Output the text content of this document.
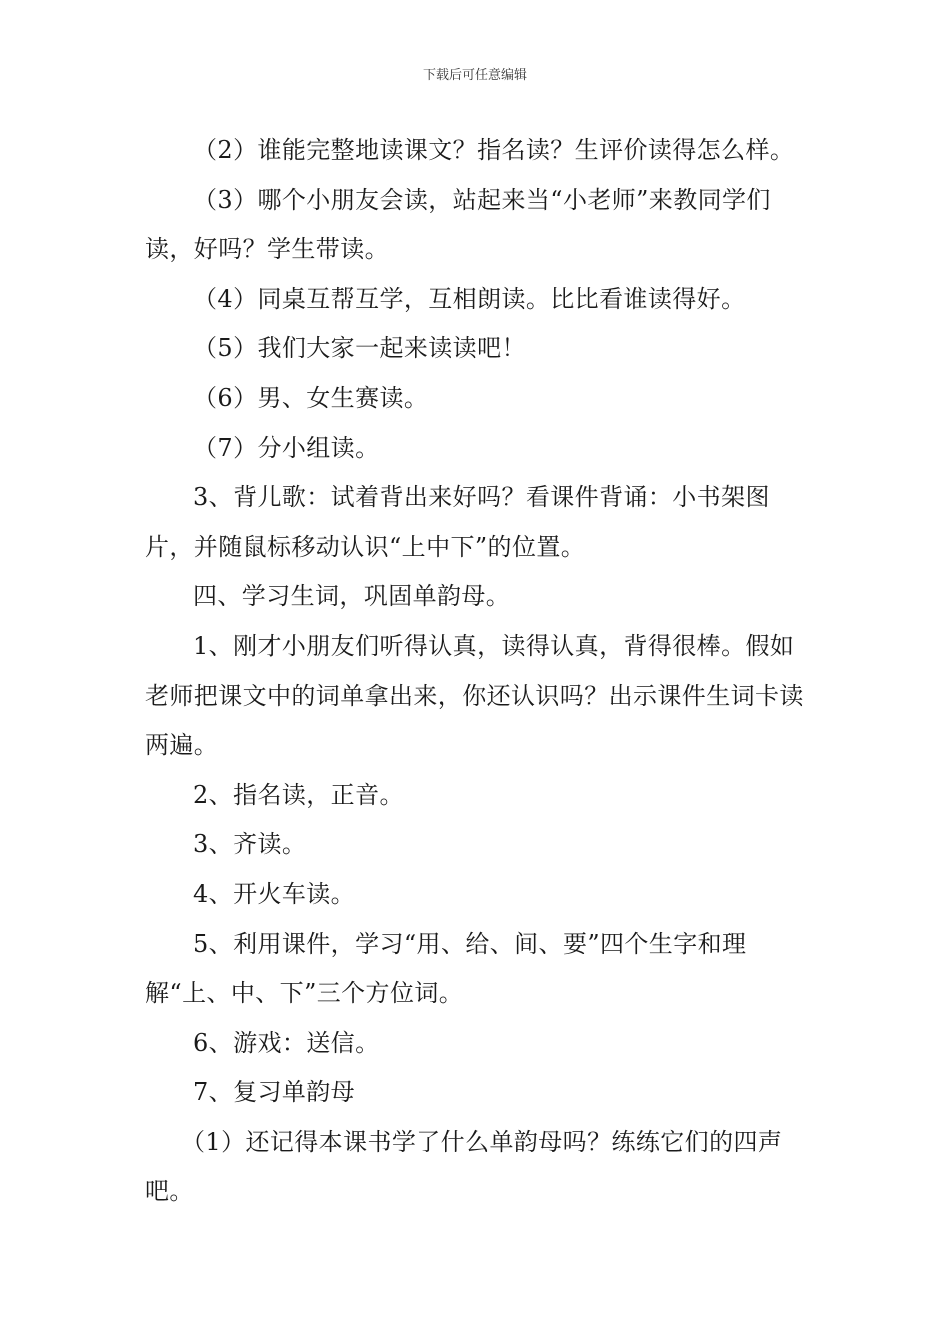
下载后可任意编辑

（2）谁能完整地读课文？指名读？生评价读得怎么样。

（3）哪个小朋友会读，站起来当“小老师”来教同学们读，好吗？学生带读。

（4）同桌互帮互学，互相朗读。比比看谁读得好。

（5）我们大家一起来读读吧！

（6）男、女生赛读。

（7）分小组读。

3、背儿歌：试着背出来好吗？看课件背诵：小书架图片，并随鼠标移动认识“上中下”的位置。

四、学习生词，巩固单韵母。

1、刚才小朋友们听得认真，读得认真，背得很棒。假如老师把课文中的词单拿出来，你还认识吗？出示课件生词卡读两遍。

2、指名读，正音。

3、齐读。

4、开火车读。

5、利用课件，学习“用、给、间、要”四个生字和理解“上、中、下”三个方位词。

6、游戏：送信。

7、复习单韵母

（1）还记得本课书学了什么单韵母吗？练练它们的四声吧。
